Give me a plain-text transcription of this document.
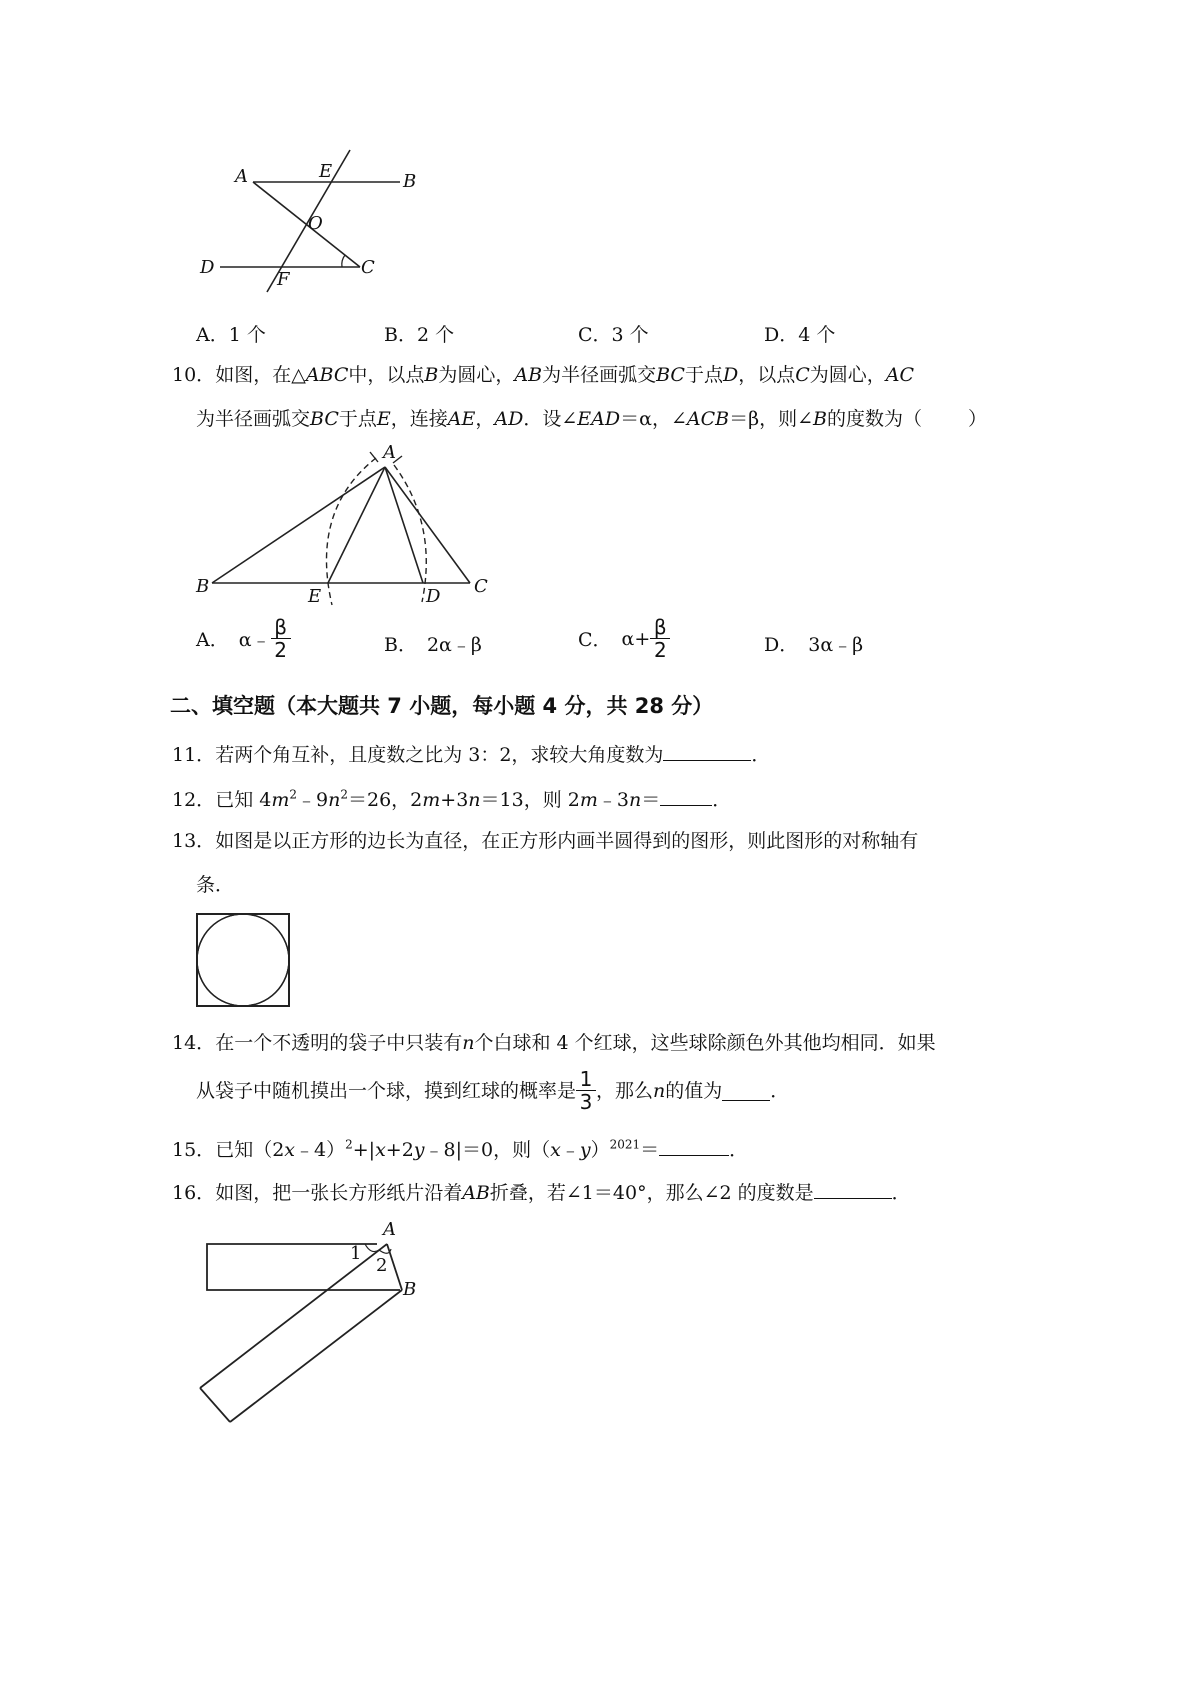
A	E	B
O
D
F
C
A．1 个	B．2 个	C．3 个	D．4 个
10．如图，在△ABC中，以点B为圆心，AB为半径画弧交BC于点D，以点C为圆心，AC
为半径画弧交BC于点E，连接AE，AD．设∠EAD＝α，∠ACB＝β，则∠B的度数为（ ）
A
B	E	D C
A． α﹣ $\frac{\beta}{2}$	B． 2α﹣β	C． $\alpha+ \frac{\beta}{2}$	D． 3α﹣β
二、填空题（本大题共 7 小题，每小题 4 分，共 28 分）
11．若两个角互补，且度数之比为 3：2，求较大角度数为	．
12．已知 $4m^2﹣9n^2=26$，2m+3n＝13，则 2m﹣3n＝	．
13．如图是以正方形的边长为直径，在正方形内画半圆得到的图形，则此图形的对称轴有
条．
14．在一个不透明的袋子中只装有n个白球和 4 个红球，这些球除颜色外其他均相同．如果
从袋子中随机摸出一个球，摸到红球的概率是 $\frac{1}{3}$ ，那么 n 的值为	．
15．已知（2x﹣4）$^2$+|x+2y﹣8|＝0，则（x﹣y）$^{2021}$＝	．
16．如图，把一张长方形纸片沿着AB折叠，若∠1＝40°，那么∠2 的度数是	．
A
1
2
B
